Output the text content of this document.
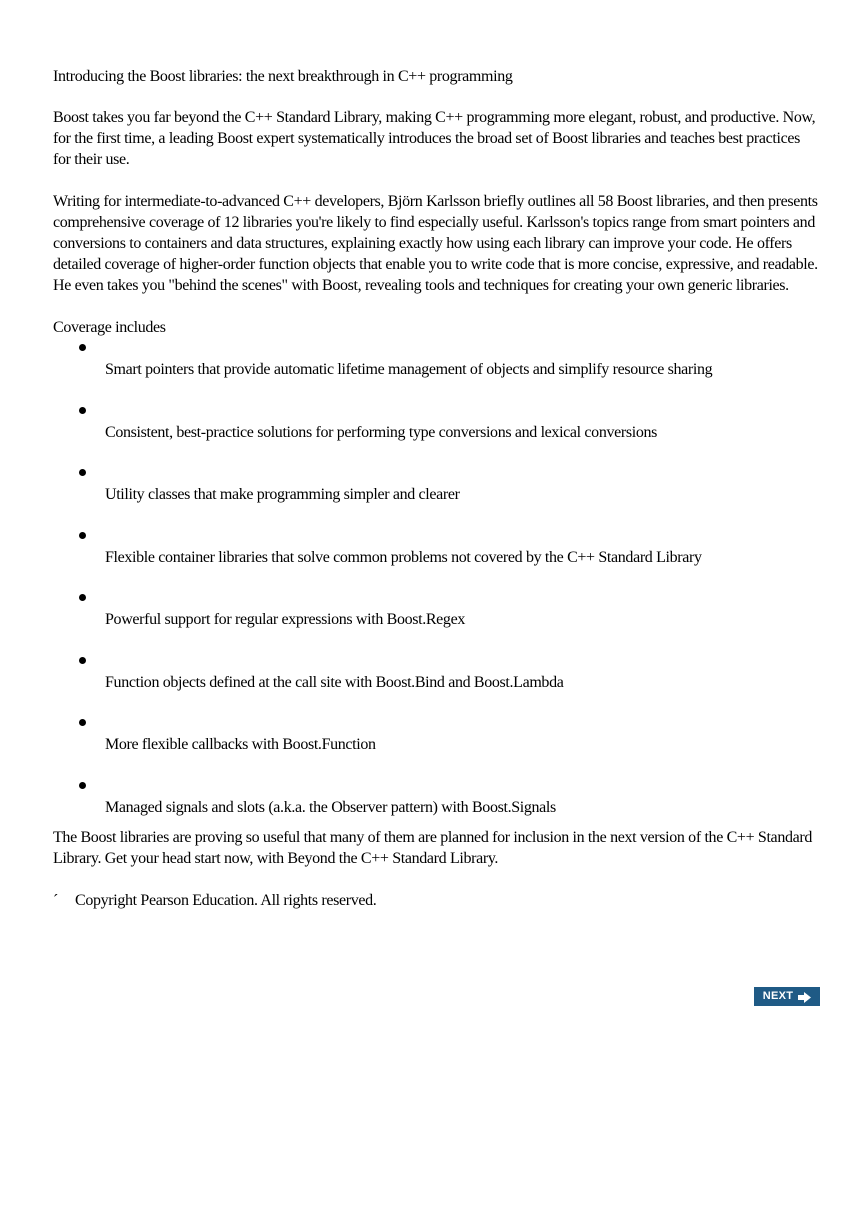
Introducing the Boost libraries: the next breakthrough in C++ programming

Boost takes you far beyond the C++ Standard Library, making C++ programming more elegant, robust, and productive. Now, for the first time, a leading Boost expert systematically introduces the broad set of Boost libraries and teaches best practices for their use.

Writing for intermediate-to-advanced C++ developers, Björn Karlsson briefly outlines all 58 Boost libraries, and then presents comprehensive coverage of 12 libraries you're likely to find especially useful. Karlsson's topics range from smart pointers and conversions to containers and data structures, explaining exactly how using each library can improve your code. He offers detailed coverage of higher-order function objects that enable you to write code that is more concise, expressive, and readable. He even takes you "behind the scenes" with Boost, revealing tools and techniques for creating your own generic libraries.

Coverage includes

Smart pointers that provide automatic lifetime management of objects and simplify resource sharing
Consistent, best-practice solutions for performing type conversions and lexical conversions
Utility classes that make programming simpler and clearer
Flexible container libraries that solve common problems not covered by the C++ Standard Library
Powerful support for regular expressions with Boost.Regex
Function objects defined at the call site with Boost.Bind and Boost.Lambda
More flexible callbacks with Boost.Function
Managed signals and slots (a.k.a. the Observer pattern) with Boost.Signals

The Boost libraries are proving so useful that many of them are planned for inclusion in the next version of the C++ Standard Library. Get your head start now, with Beyond the C++ Standard Library.

´ Copyright Pearson Education. All rights reserved.

NEXT
